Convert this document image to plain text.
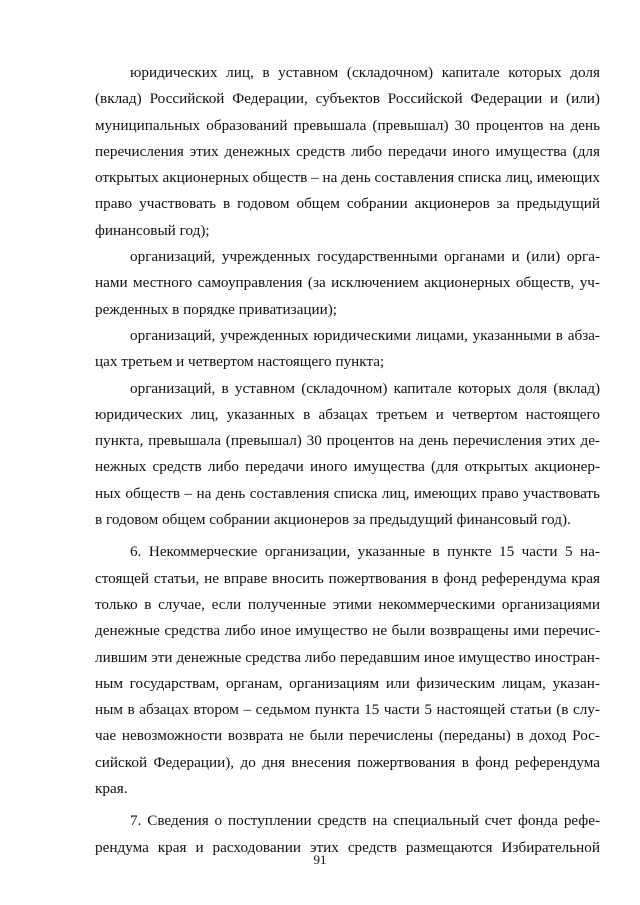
юридических лиц, в уставном (складочном) капитале которых доля
(вклад) Российской Федерации, субъектов Российской Федерации и (или)
муниципальных образований превышала (превышал) 30 процентов на день
перечисления этих денежных средств либо передачи иного имущества (для
открытых акционерных обществ – на день составления списка лиц, имеющих
право участвовать в годовом общем собрании акционеров за предыдущий
финансовый год);
организаций, учрежденных государственными органами и (или) орга-
нами местного самоуправления (за исключением акционерных обществ, уч-
режденных в порядке приватизации);
организаций, учрежденных юридическими лицами, указанными в абза-
цах третьем и четвертом настоящего пункта;
организаций, в уставном (складочном) капитале которых доля (вклад)
юридических лиц, указанных в абзацах третьем и четвертом настоящего
пункта, превышала (превышал) 30 процентов на день перечисления этих де-
нежных средств либо передачи иного имущества (для открытых акционер-
ных обществ – на день составления списка лиц, имеющих право участвовать
в годовом общем собрании акционеров за предыдущий финансовый год).
6. Некоммерческие организации, указанные в пункте 15 части 5 на-
стоящей статьи, не вправе вносить пожертвования в фонд референдума края
только в случае, если полученные этими некоммерческими организациями
денежные средства либо иное имущество не были возвращены ими перечис-
лившим эти денежные средства либо передавшим иное имущество иностран-
ным государствам, органам, организациям или физическим лицам, указан-
ным в абзацах втором – седьмом пункта 15 части 5 настоящей статьи (в слу-
чае невозможности возврата не были перечислены (переданы) в доход Рос-
сийской Федерации), до дня внесения пожертвования в фонд референдума
края.
7. Сведения о поступлении средств на специальный счет фонда рефе-
рендума края и расходовании этих средств размещаются Избирательной
91
